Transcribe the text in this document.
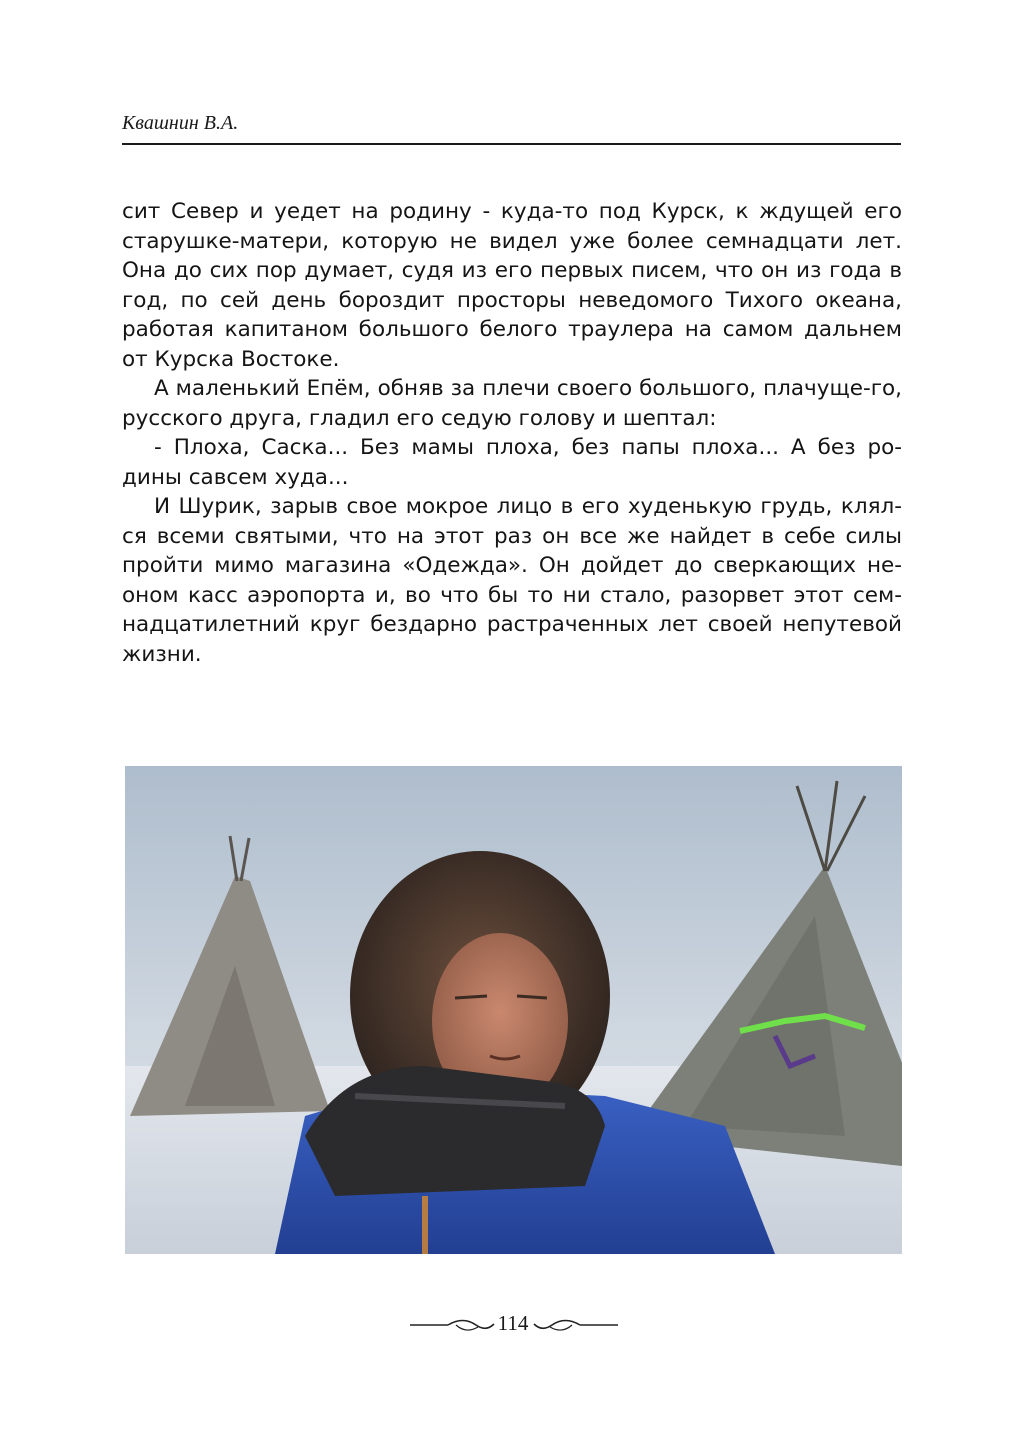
Квашнин В.А.

сит Север и уедет на родину - куда-то под Курск, к ждущей его старушке-матери, которую не видел уже более семнадцати лет. Она до сих пор думает, судя из его первых писем, что он из года в год, по сей день бороздит просторы неведомого Тихого океана, работая капитаном большого белого траулера на самом дальнем от Курска Востоке.

А маленький Епём, обняв за плечи своего большого, плачуще-го, русского друга, гладил его седую голову и шептал:

- Плоха, Саска... Без мамы плоха, без папы плоха... А без ро-дины савсем худа...

И Шурик, зарыв свое мокрое лицо в его худенькую грудь, клял-ся всеми святыми, что на этот раз он все же найдет в себе силы пройти мимо магазина «Одежда». Он дойдет до сверкающих не-оном касс аэропорта и, во что бы то ни стало, разорвет этот сем-надцатилетний круг бездарно растраченных лет своей непутевой жизни.

114
